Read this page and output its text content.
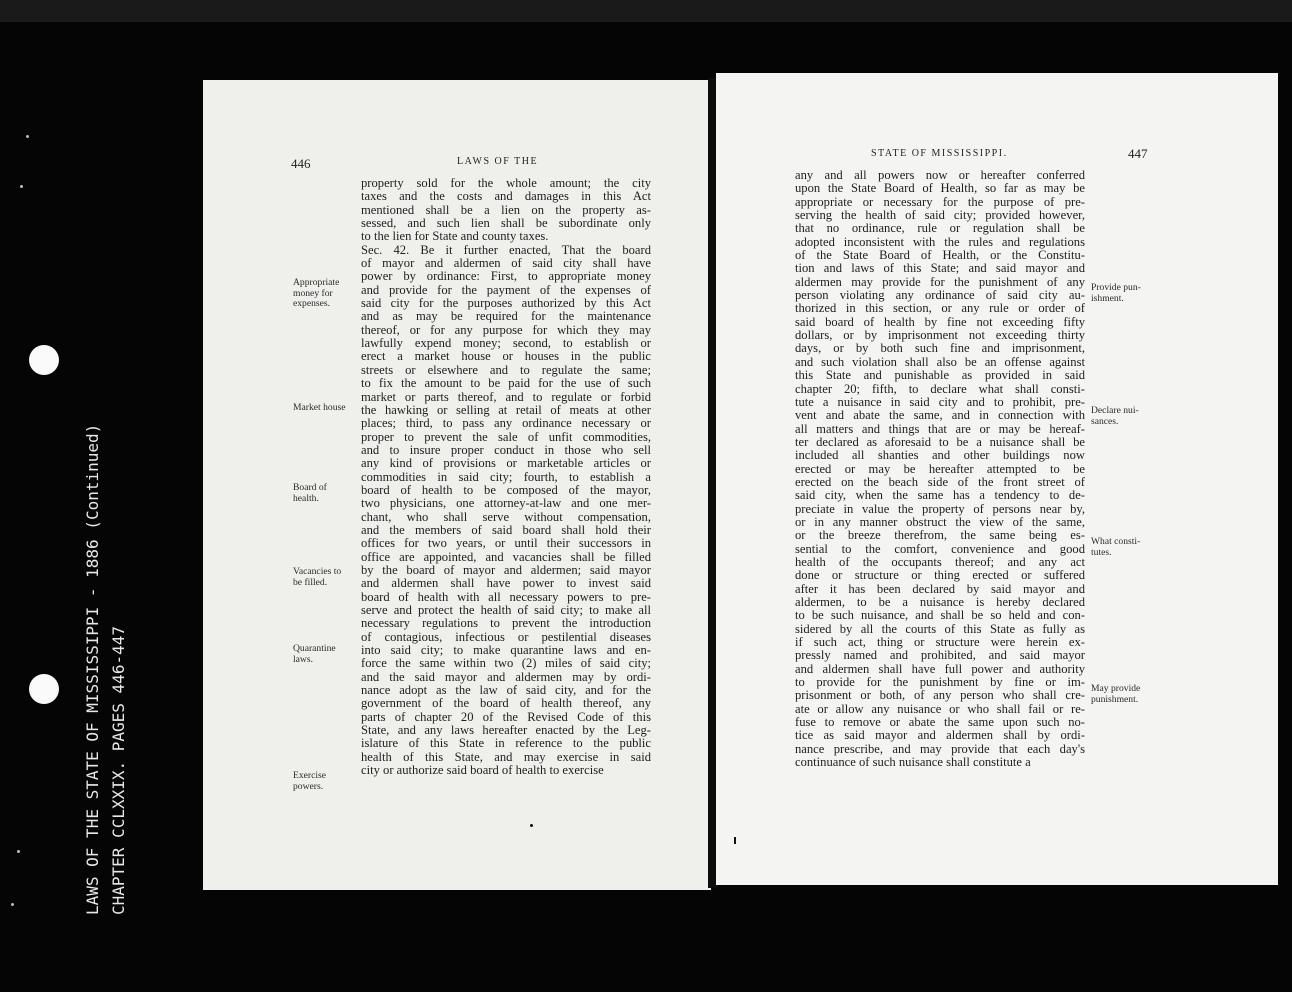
LAWS OF THE STATE OF MISSISSIPPI - 1886 (Continued) CHAPTER CCLXXIX. PAGES 446-447
446	LAWS OF THE
property sold for the whole amount; the city
taxes and the costs and damages in this Act
mentioned shall be a lien on the property as-
sessed, and such lien shall be subordinate only
to the lien for State and county taxes.
Sec. 42. Be it further enacted, That the board
of mayor and aldermen of said city shall have
power by ordinance: First, to appropriate money
and provide for the payment of the expenses of
said city for the purposes authorized by this Act
and as may be required for the maintenance
thereof, or for any purpose for which they may
lawfully expend money; second, to establish or
erect a market house or houses in the public
streets or elsewhere and to regulate the same;
to fix the amount to be paid for the use of such
market or parts thereof, and to regulate or forbid
the hawking or selling at retail of meats at other
places; third, to pass any ordinance necessary or
proper to prevent the sale of unfit commodities,
and to insure proper conduct in those who sell
any kind of provisions or marketable articles or
commodities in said city; fourth, to establish a
board of health to be composed of the mayor,
two physicians, one attorney-at-law and one mer-
chant, who shall serve without compensation,
and the members of said board shall hold their
offices for two years, or until their successors in
office are appointed, and vacancies shall be filled
by the board of mayor and aldermen; said mayor
and aldermen shall have power to invest said
board of health with all necessary powers to pre-
serve and protect the health of said city; to make all
necessary regulations to prevent the introduction
of contagious, infectious or pestilential diseases
into said city; to make quarantine laws and en-
force the same within two (2) miles of said city;
and the said mayor and aldermen may by ordi-
nance adopt as the law of said city, and for the
government of the board of health thereof, any
parts of chapter 20 of the Revised Code of this
State, and any laws hereafter enacted by the Leg-
islature of this State in reference to the public
health of this State, and may exercise in said
city or authorize said board of health to exercise
Appropriate
money for
expenses.
Market house
Board of
health.
Vacancies to
be filled.
Quarantine
laws.
Exercise
powers.
STATE OF MISSISSIPPI.	447
any and all powers now or hereafter conferred
upon the State Board of Health, so far as may be
appropriate or necessary for the purpose of pre-
serving the health of said city; provided however,
that no ordinance, rule or regulation shall be
adopted inconsistent with the rules and regulations
of the State Board of Health, or the Constitu-
tion and laws of this State; and said mayor and
aldermen may provide for the punishment of any
person violating any ordinance of said city au-
thorized in this section, or any rule or order of
said board of health by fine not exceeding fifty
dollars, or by imprisonment not exceeding thirty
days, or by both such fine and imprisonment,
and such violation shall also be an offense against
this State and punishable as provided in said
chapter 20; fifth, to declare what shall consti-
tute a nuisance in said city and to prohibit, pre-
vent and abate the same, and in connection with
all matters and things that are or may be hereaf-
ter declared as aforesaid to be a nuisance shall be
included all shanties and other buildings now
erected or may be hereafter attempted to be
erected on the beach side of the front street of
said city, when the same has a tendency to de-
preciate in value the property of persons near by,
or in any manner obstruct the view of the same,
or the breeze therefrom, the same being es-
sential to the comfort, convenience and good
health of the occupants thereof; and any act
done or structure or thing erected or suffered
after it has been declared by said mayor and
aldermen, to be a nuisance is hereby declared
to be such nuisance, and shall be so held and con-
sidered by all the courts of this State as fully as
if such act, thing or structure were herein ex-
pressly named and prohibited, and said mayor
and aldermen shall have full power and authority
to provide for the punishment by fine or im-
prisonment or both, of any person who shall cre-
ate or allow any nuisance or who shall fail or re-
fuse to remove or abate the same upon such no-
tice as said mayor and aldermen shall by ordi-
nance prescribe, and may provide that each day's
continuance of such nuisance shall constitute a
Provide pun-
ishment.
Declare nui-
sances.
What consti-
tutes.
May provide
punishment.
